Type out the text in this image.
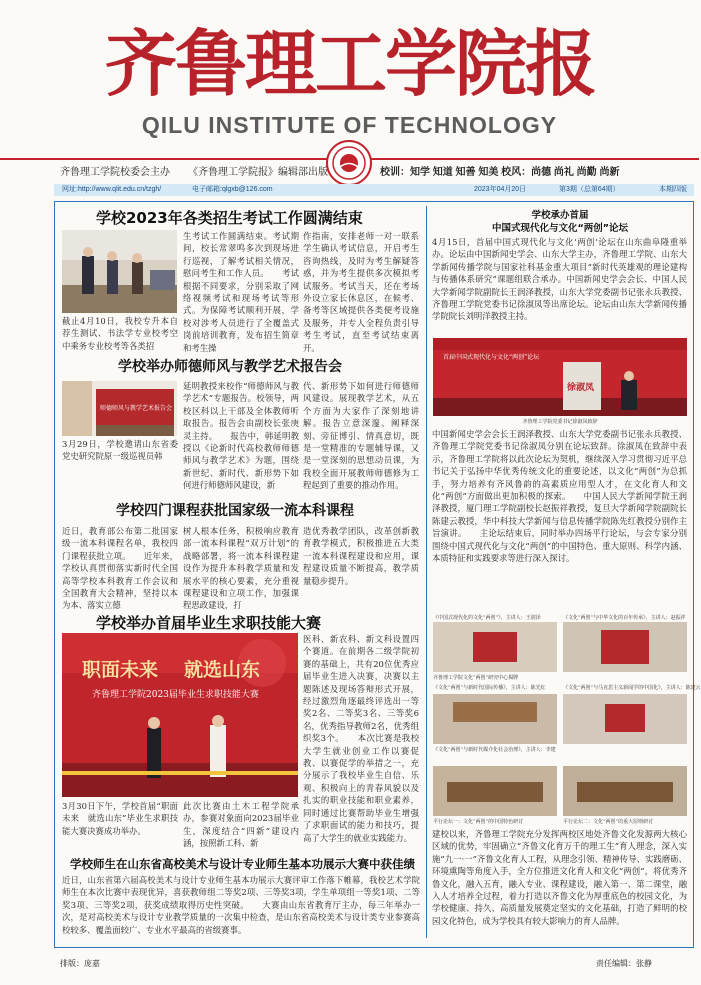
齐鲁理工学院报
QILU INSTITUTE OF TECHNOLOGY
齐鲁理工学院校委会主办 《齐鲁理工学院报》编辑部出版	校训：知学 知道 知善 知美 校风：尚德 尚礼 尚勤 尚新
网址:http://www.qlit.edu.cn/tzgh/	电子邮箱:qlgxb@126.com	2023年04月20日	第3期（总第64期）	本期四版
学校2023年各类招生考试工作圆满结束
截止4月10日，我校专升本自荐生测试、书法学专业校考空中乘务专业校考等各类招
生考试工作圆满结束。考试期间，校长常翠鸣多次到现场进行巡视，了解考试相关情况，慰问考生和工作人员。　　考试根据不同要求，分别采取了网络视频考试和现场考试等形式。为保障考试顺利开展，学校对涉考人员进行了全覆盖式岗前培训教育，发布招生简章和考生操
作指南，安排老师一对一联系学生确认考试信息，开启考生咨询热线，及时为考生解疑答惑，并为考生提供多次模拟考试服务。考试当天，还在考场外设立家长休息区，在候考、备考等区域提供各类便考设施及服务，并专人全程负责引导考生考试，直至考试结束离开。
学校举办师德师风与教学艺术报告会
师德师风与教学艺术报告会
3月29日，学校邀请山东省委党史研究院原一级巡视员韩
延明教授来校作“师德师风与教学艺术”专题报告。校领导，两校区科以上干部及全体教师听取报告。报告会由副校长张庚灵主持。　　报告中，韩延明教授以《论新时代高校教师师德师风与教学艺术》为题，围绕新世纪、新时代、新形势下如何进行师德师风建设，新
代、新形势下如何进行师德师风建设。展现教学艺术，从五个方面为大家作了深刻地讲解。报告立意深邃、阐释深刻、旁征博引、情真意切，既是一堂精准的专题辅导课，又是一堂深刻的思想动员课，为我校全面开展教师师德修为工程起到了重要的推动作用。
学校四门课程获批国家级一流本科课程
近日，教育部公布第二批国家级一流本科课程名单，我校四门课程获批立项。　　近年来，学校认真贯彻落实新时代全国高等学校本科教育工作会议和全国教育大会精神，坚持以本为本、落实立德
树人根本任务，积极响应教育部一流本科课程“双万计划”的战略部署，将一流本科课程建设作为提升本科教学质量和发展水平的核心要素，充分重视课程建设和立项工作，加强课程思政建设，打
造优秀教学团队，改革创新教育教学模式，积极推进五大类一流本科课程建设和应用，课程建设质量不断提高，教学质量稳步提升。
学校举办首届毕业生求职技能大赛
职面未来 就选山东
齐鲁理工学院2023届毕业生求职技能大赛
3月30日下午，学校首届“职面未来　就选山东”毕业生求职技能大赛决赛成功举办。
此次比赛由土木工程学院承办，参赛对象面向2023届毕业生，深度结合“四新”建设内涵，按照新工科、新
医科、新农科、新文科设置四个赛道。在前期各二级学院初赛的基础上，共有20位优秀应届毕业生进入决赛，决赛以主题陈述及现场答辩形式开展，经过激烈角逐最终评选出一等奖2名、二等奖3名、三等奖6名，优秀指导教师2名，优秀组织奖3个。　　本次比赛是我校大学生就业创业工作以赛促教、以赛促学的举措之一，充分展示了我校毕业生自信、乐观、积极向上的青春风貌以及扎实的职业技能和职业素养，同时通过比赛帮助毕业生增强了求职面试的能力和技巧，提高了大学生的就业实践能力。
学校师生在山东省高校美术与设计专业师生基本功展示大赛中获佳绩
近日，山东省第六届高校美术与设计专业师生基本功展示大赛评审工作落下帷幕，我校艺术学院师生在本次比赛中表现优异，喜获教师组二等奖2项、三等奖3项，学生单项组一等奖1项、二等奖3项、三等奖2项，获奖成绩取得历史性突破。　　大赛由山东省教育厅主办，每三年举办一次，是对高校美术与设计专业教学质量的一次集中检查，是山东省高校美术与设计类专业参赛高校较多、覆盖面较广、专业水平最高的省级赛事。
学校承办首届
中国式现代化与文化“两创”论坛
4月15日，首届中国式现代化与文化‘两创’论坛在山东曲阜隆重举办。论坛由中国新闻史学会、山东大学主办，齐鲁理工学院、山东大学新闻传播学院与国家社科基金重大项目“新时代英雄观的理论建构与传播体系研究”课题组联合承办。中国新闻史学会会长、中国人民大学新闻学院副院长王润泽教授，山东大学党委副书记张永兵教授、齐鲁理工学院党委书记徐淑凤等出席论坛。论坛由山东大学新闻传播学院院长刘明洋教授主持。
首届中国式现代化与文化“两创”论坛
徐淑凤
齐鲁理工学院党委书记徐淑凤致辞
中国新闻史学会会长王润泽教授、山东大学党委副书记张永兵教授、齐鲁理工学院党委书记徐淑凤分别在论坛致辞。徐淑凤在致辞中表示，齐鲁理工学院将以此次论坛为契机，继续深入学习贯彻习近平总书记关于弘扬中华优秀传统文化的重要论述，以文化“两创”为总抓手，努力培养有齐风鲁韵的高素质应用型人才，在文化育人和文化“两创”方面做出更加积极的探索。　　中国人民大学新闻学院王润泽教授，厦门理工学院副校长赵振祥教授，复旦大学新闻学院副院长陈建云教授，华中科技大学新闻与信息传播学院陈先红教授分别作主旨演讲。　　主论坛结束后，同时举办四场平行论坛，与会专家分别围绕中国式现代化与文化“两创”的中国特色、重大原则、科学内涵、本质特征和实践要求等进行深入探讨。
《中国式现代化的文化“两创”》，主讲人：王润泽	《文化“两创”与中华文化的百年传承》，主讲人：赵振祥
齐鲁理工学院文化“两创”研究中心揭牌
《文化“两创”与新时代国际传播》，主讲人：陈先红	《文化“两创”与马克思主义新闻学的中国化》，主讲人：陈建云
《文化“两创”与新时代媒介化社会治理》，主讲人：李建
平行论坛一：文化“两创”的中国特色研讨	平行论坛二：文化“两创”的重大原则研讨
建校以来，齐鲁理工学院充分发挥两校区地处齐鲁文化发源两大核心区域的优势，牢固确立“齐鲁文化育万千的理工生”育人理念，深入实施“九一·一”齐鲁文化育人工程，从理念引领、精神传导、实践磨砺、环境熏陶等角度入手，全方位推进文化育人和文化“两创”，将优秀齐鲁文化，融入五育，融入专业、课程建设，融入第一、第二课堂，融入人才培养全过程，着力打造以齐鲁文化为厚重底色的校园文化，为学校健康、持久、高质量发展奠定坚实的文化基础，打造了鲜明的校园文化特色，成为学校具有较大影响力的育人品牌。
排版：庞嘉	责任编辑：张静
